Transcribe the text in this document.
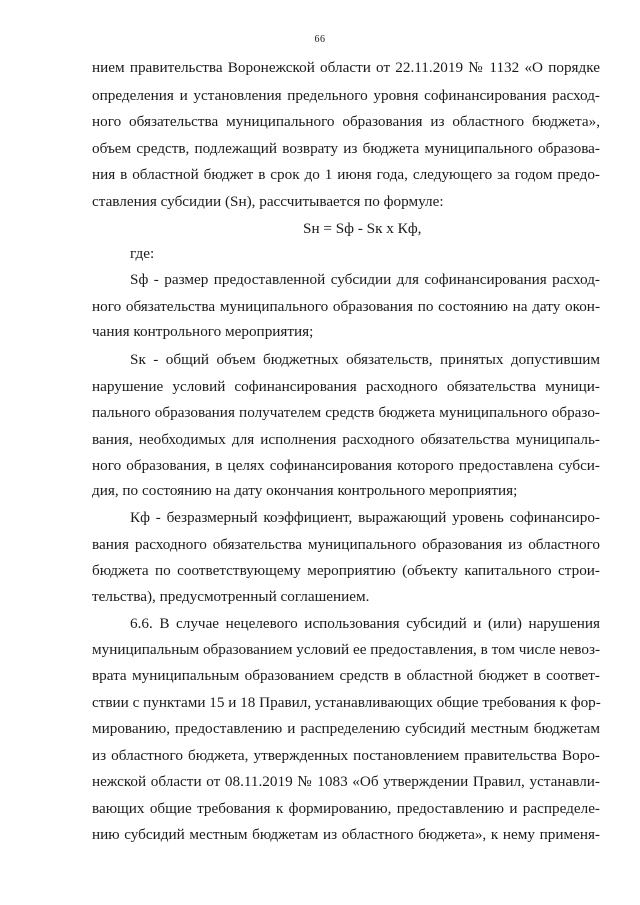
66
нием правительства Воронежской области от 22.11.2019 № 1132 «О порядке
определения и установления предельного уровня софинансирования расход-
ного обязательства муниципального образования из областного бюджета»,
объем средств, подлежащий возврату из бюджета муниципального образова-
ния в областной бюджет в срок до 1 июня года, следующего за годом предо-
ставления субсидии (Sн), рассчитывается по формуле:
Sн = Sф - Sк х Кф,
где:
Sф - размер предоставленной субсидии для софинансирования расход-
ного обязательства муниципального образования по состоянию на дату окон-
чания контрольного мероприятия;
Sк - общий объем бюджетных обязательств, принятых допустившим
нарушение условий софинансирования расходного обязательства муници-
пального образования получателем средств бюджета муниципального образо-
вания, необходимых для исполнения расходного обязательства муниципаль-
ного образования, в целях софинансирования которого предоставлена субси-
дия, по состоянию на дату окончания контрольного мероприятия;
Кф - безразмерный коэффициент, выражающий уровень софинансиро-
вания расходного обязательства муниципального образования из областного
бюджета по соответствующему мероприятию (объекту капитального строи-
тельства), предусмотренный соглашением.
6.6. В случае нецелевого использования субсидий и (или) нарушения
муниципальным образованием условий ее предоставления, в том числе невоз-
врата муниципальным образованием средств в областной бюджет в соответ-
ствии с пунктами 15 и 18 Правил, устанавливающих общие требования к фор-
мированию, предоставлению и распределению субсидий местным бюджетам
из областного бюджета, утвержденных постановлением правительства Воро-
нежской области от 08.11.2019 № 1083 «Об утверждении Правил, устанавли-
вающих общие требования к формированию, предоставлению и распределе-
нию субсидий местным бюджетам из областного бюджета», к нему применя-
